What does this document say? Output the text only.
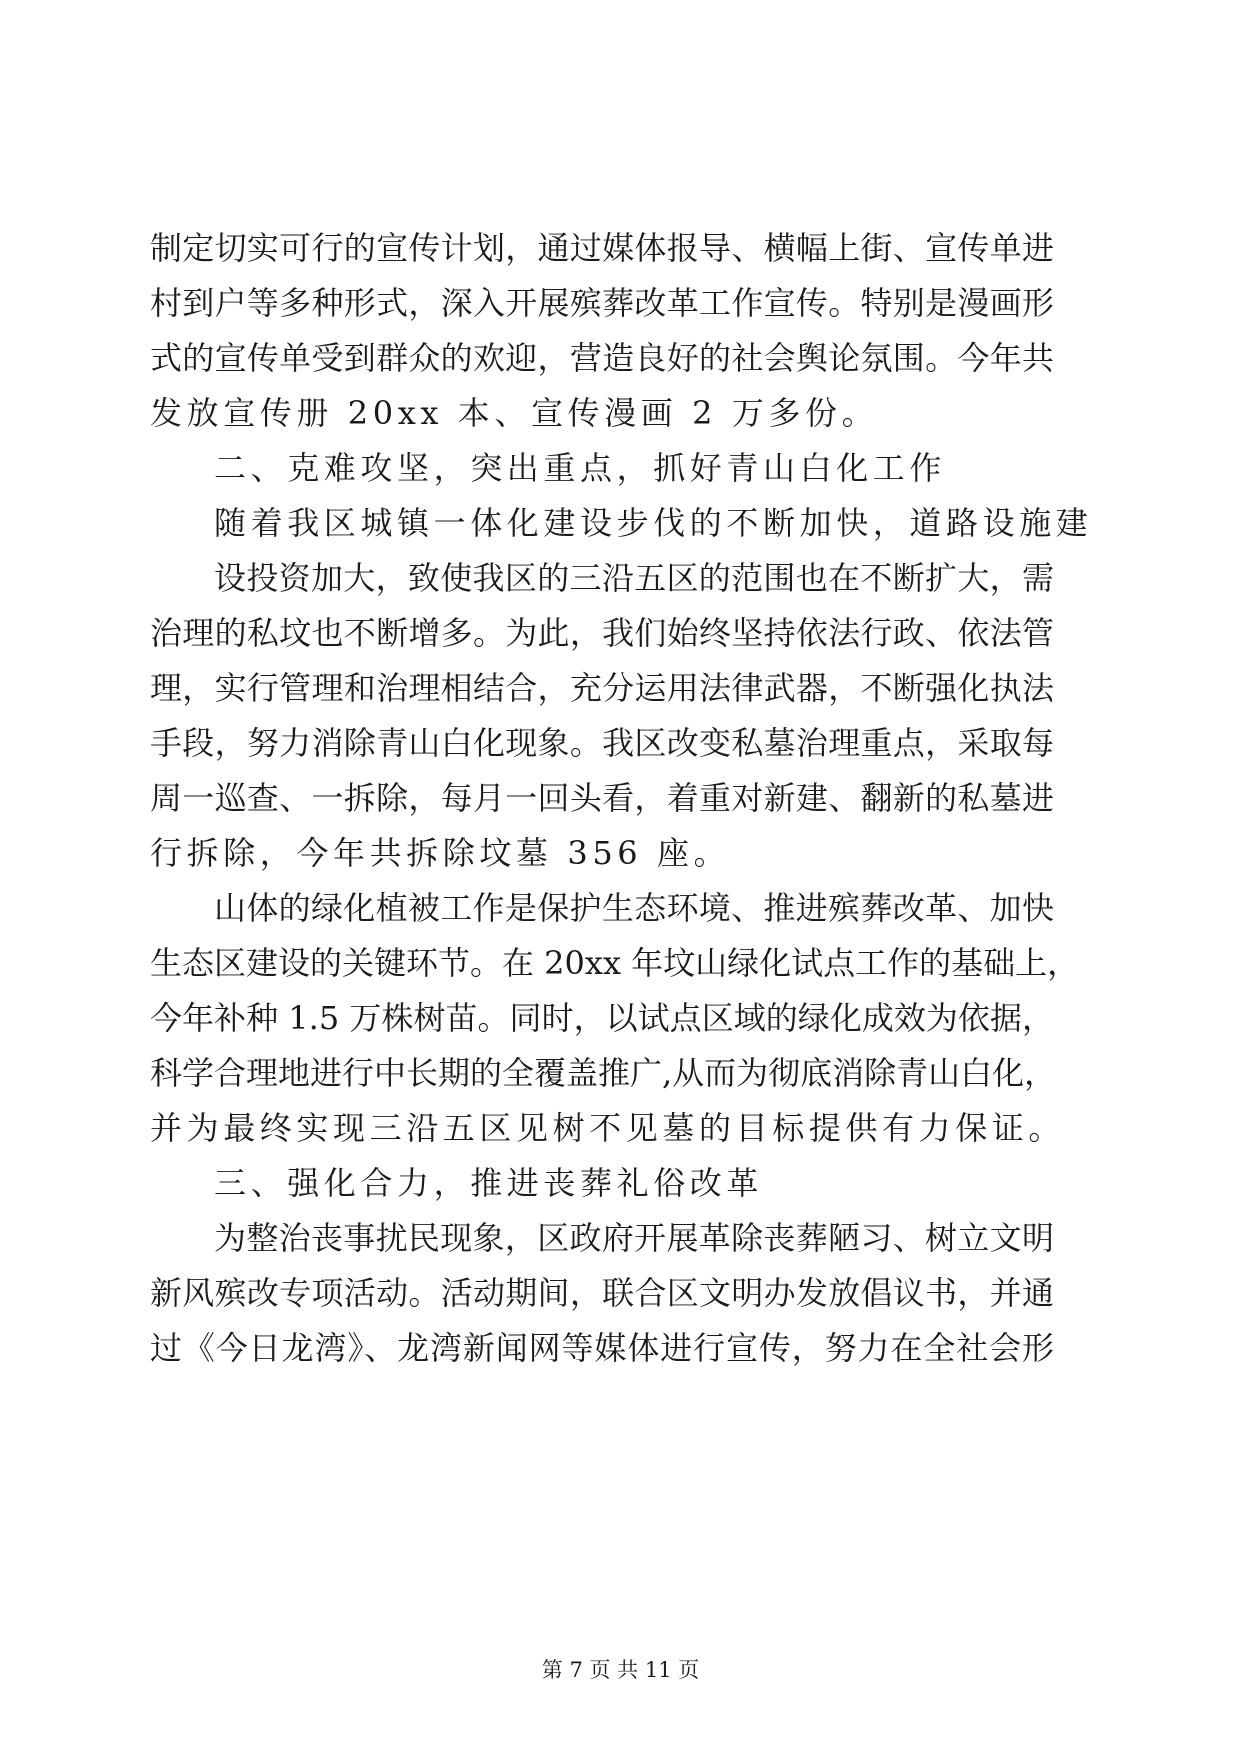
制定切实可行的宣传计划，通过媒体报导、横幅上街、宣传单进
村到户等多种形式，深入开展殡葬改革工作宣传。特别是漫画形
式的宣传单受到群众的欢迎，营造良好的社会舆论氛围。今年共
发放宣传册 20xx 本、宣传漫画 2 万多份。
二、克难攻坚，突出重点，抓好青山白化工作
随着我区城镇一体化建设步伐的不断加快，道路设施建
设投资加大，致使我区的三沿五区的范围也在不断扩大，需
治理的私坟也不断增多。为此，我们始终坚持依法行政、依法管
理，实行管理和治理相结合，充分运用法律武器，不断强化执法
手段，努力消除青山白化现象。我区改变私墓治理重点，采取每
周一巡查、一拆除，每月一回头看，着重对新建、翻新的私墓进
行拆除，今年共拆除坟墓 356 座。
山体的绿化植被工作是保护生态环境、推进殡葬改革、加快
生态区建设的关键环节。在 20xx 年坟山绿化试点工作的基础上，
今年补种 1.5 万株树苗。同时，以试点区域的绿化成效为依据，
科学合理地进行中长期的全覆盖推广,从而为彻底消除青山白化，
并为最终实现三沿五区见树不见墓的目标提供有力保证。
三、强化合力，推进丧葬礼俗改革
为整治丧事扰民现象，区政府开展革除丧葬陋习、树立文明
新风殡改专项活动。活动期间，联合区文明办发放倡议书，并通
过《今日龙湾》、龙湾新闻网等媒体进行宣传，努力在全社会形
第 7 页 共 11 页
